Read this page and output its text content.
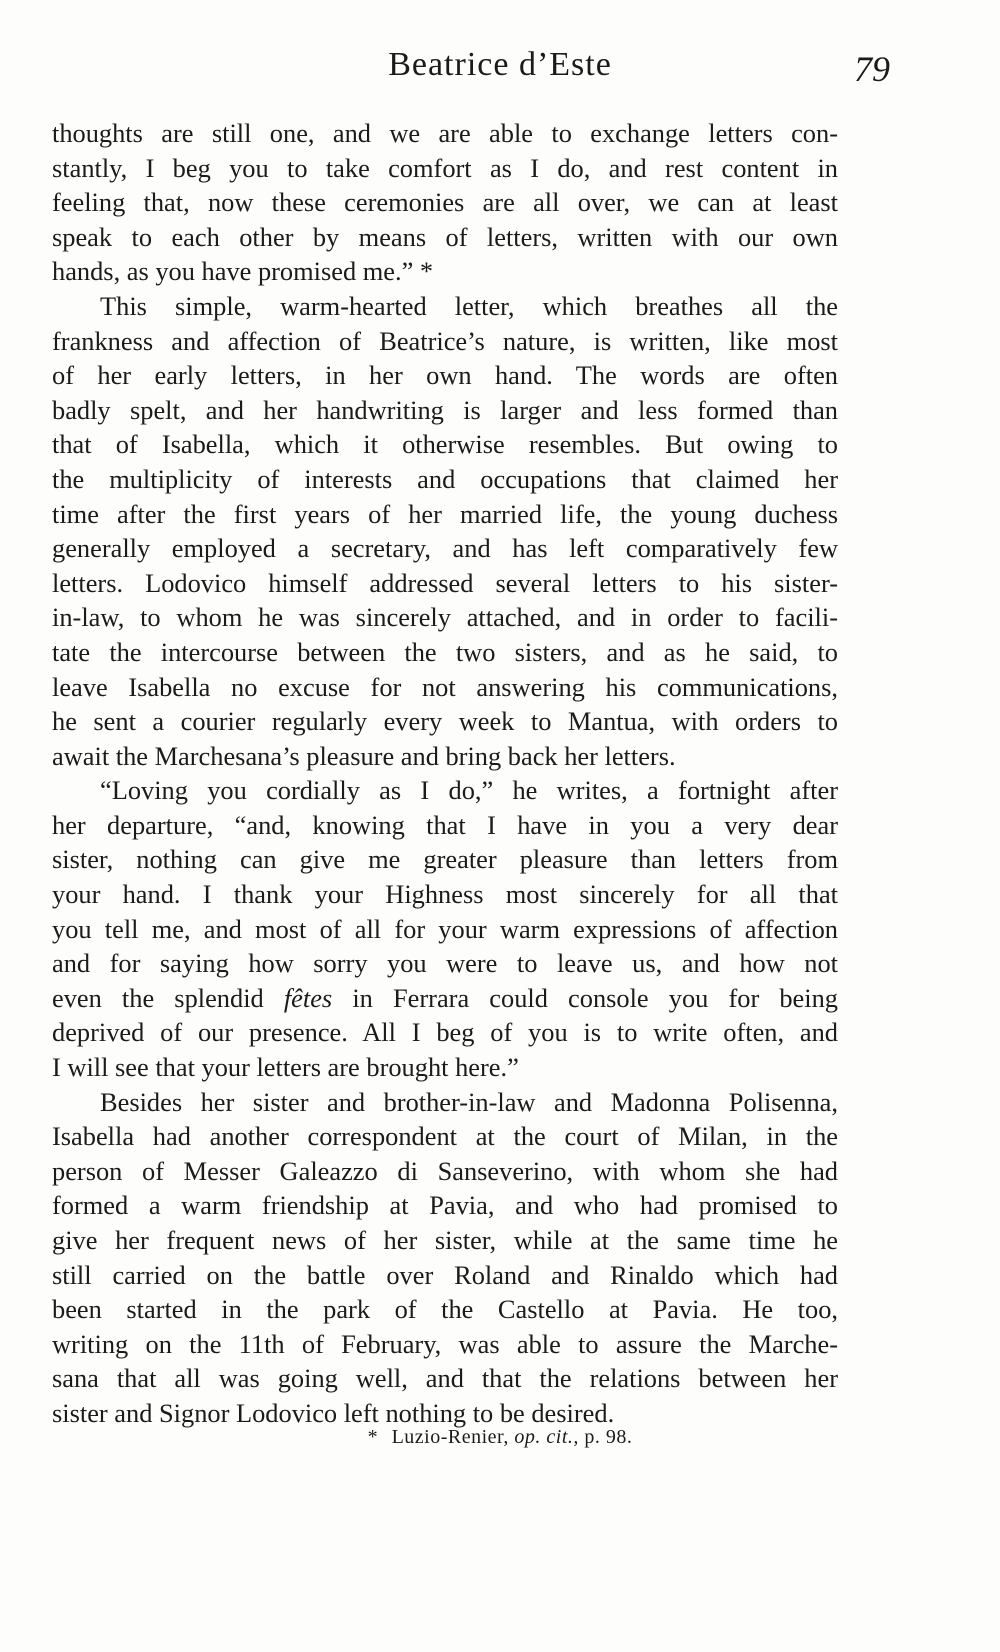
Beatrice d’Este	79
thoughts are still one, and we are able to exchange letters con-
stantly, I beg you to take comfort as I do, and rest content in
feeling that, now these ceremonies are all over, we can at least
speak to each other by means of letters, written with our own
hands, as you have promised me.” *
This simple, warm-hearted letter, which breathes all the
frankness and affection of Beatrice’s nature, is written, like most
of her early letters, in her own hand. The words are often
badly spelt, and her handwriting is larger and less formed than
that of Isabella, which it otherwise resembles. But owing to
the multiplicity of interests and occupations that claimed her
time after the first years of her married life, the young duchess
generally employed a secretary, and has left comparatively few
letters. Lodovico himself addressed several letters to his sister-
in-law, to whom he was sincerely attached, and in order to facili-
tate the intercourse between the two sisters, and as he said, to
leave Isabella no excuse for not answering his communications,
he sent a courier regularly every week to Mantua, with orders to
await the Marchesana’s pleasure and bring back her letters.
“Loving you cordially as I do,” he writes, a fortnight after
her departure, “and, knowing that I have in you a very dear
sister, nothing can give me greater pleasure than letters from
your hand. I thank your Highness most sincerely for all that
you tell me, and most of all for your warm expressions of affection
and for saying how sorry you were to leave us, and how not
even the splendid fêtes in Ferrara could console you for being
deprived of our presence. All I beg of you is to write often, and
I will see that your letters are brought here.”
Besides her sister and brother-in-law and Madonna Polisenna,
Isabella had another correspondent at the court of Milan, in the
person of Messer Galeazzo di Sanseverino, with whom she had
formed a warm friendship at Pavia, and who had promised to
give her frequent news of her sister, while at the same time he
still carried on the battle over Roland and Rinaldo which had
been started in the park of the Castello at Pavia. He too,
writing on the 11th of February, was able to assure the Marche-
sana that all was going well, and that the relations between her
sister and Signor Lodovico left nothing to be desired.
* Luzio-Renier, op. cit., p. 98.
